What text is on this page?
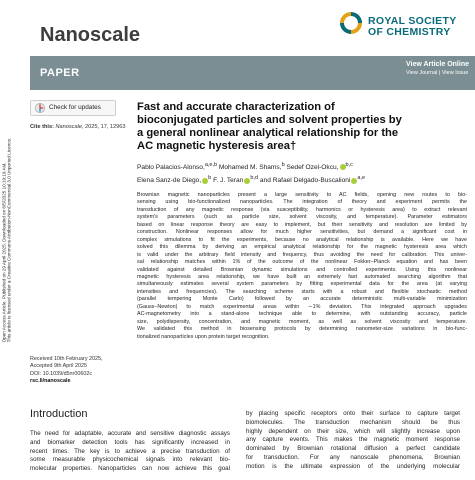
Open Access Article. Published on 29 April 2025. Downloaded on 6/5/2025 10:19:19 AM. This article is licensed under a Creative Commons Attribution-NonCommercial 3.0 Unported Licence.
Nanoscale
ROYAL SOCIETY
OF CHEMISTRY
PAPER
View Article Online
View Journal | View Issue
Check for updates
Cite this: Nanoscale, 2025, 17, 12963
Fast and accurate characterization of
bioconjugated particles and solvent properties by
a general nonlinear analytical relationship for the
AC magnetic hysteresis area†
Pablo Palacios-Alonso,$^{a,e,b}$ Mohamed M. Shams,$^b$ Sedef Ozel-Okcu, $^{b,c}$
Elena Sanz-de Diego, $^b$ F. J. Teran $^{b,d}$ and Rafael Delgado-Buscalioni $^{a,e}$
Brownian magnetic nanoparticles present a large sensitivity to AC fields, opening new routes to bio-
sensing using bio-functionalized nanoparticles. The integration of theory and experiment permits the
transduction of any magnetic response (via susceptibility, harmonics or hysteresis area) to extract relevant
system's parameters (such as particle size, solvent viscosity, and temperature). Parameter estimators
based on linear response theory are easy to implement, but their sensitivity and resolution are limited by
construction. Nonlinear responses allow for much higher sensitivities, but demand a significant cost in
complex simulations to fit the experiments, because no analytical relationship is available. Here we have
solved this dilemma by deriving an empirical analytical relationship for the magnetic hysteresis area which
is valid under the arbitrary field intensity and frequency, thus avoiding the need for calibration. This univer-
sal relationship matches within 1% of the outcome of the nonlinear Fokker–Planck equation and has been
validated against detailed Brownian dynamic simulations and controlled experiments. Using this nonlinear
magnetic hysteresis area relationship, we have built an extremely fast automated searching algorithm that
simultaneously estimates several system parameters by fitting experimental data for the area (at varying
intensities and frequencies). The searching scheme starts with a robust and flexible stochastic method
(parallel tempering Monte Carlo) followed by an accurate deterministic multi-variable minimization
(Gauss–Newton) to match experimental areas within ∼1% deviation. This integrated approach upgrades
AC-magnetometry into a stand-alone technique able to determine, with outstanding accuracy, particle
size, polydispersity, concentration, and magnetic moment, as well as solvent viscosity and temperature.
We validated this method in biosensing protocols by determining nanometer-size variations in bio-func-
tionalized nanoparticles upon protein target recognition.
Received 10th February 2025,
Accepted 9th April 2025
DOI: 10.1039/d5nr00602c
rsc.li/nanoscale
Introduction
The need for adaptable, accurate and sensitive diagnostic assays
and biomarker detection tools has significantly increased in
recent times. The key is to achieve a precise transduction of
some measurable physicochemical signals into relevant bio-
molecular properties. Nanoparticles can now achieve this goal
by placing specific receptors onto their surface to capture target
biomolecules. The transduction mechanism should be thus
highly dependent on their size, which will slightly increase upon
any capture events. This makes the magnetic moment response
dominated by Brownian rotational diffusion a perfect candidate
for transduction. For any nanoscale phenomena, Brownian
motion is the ultimate expression of the underlying molecular
